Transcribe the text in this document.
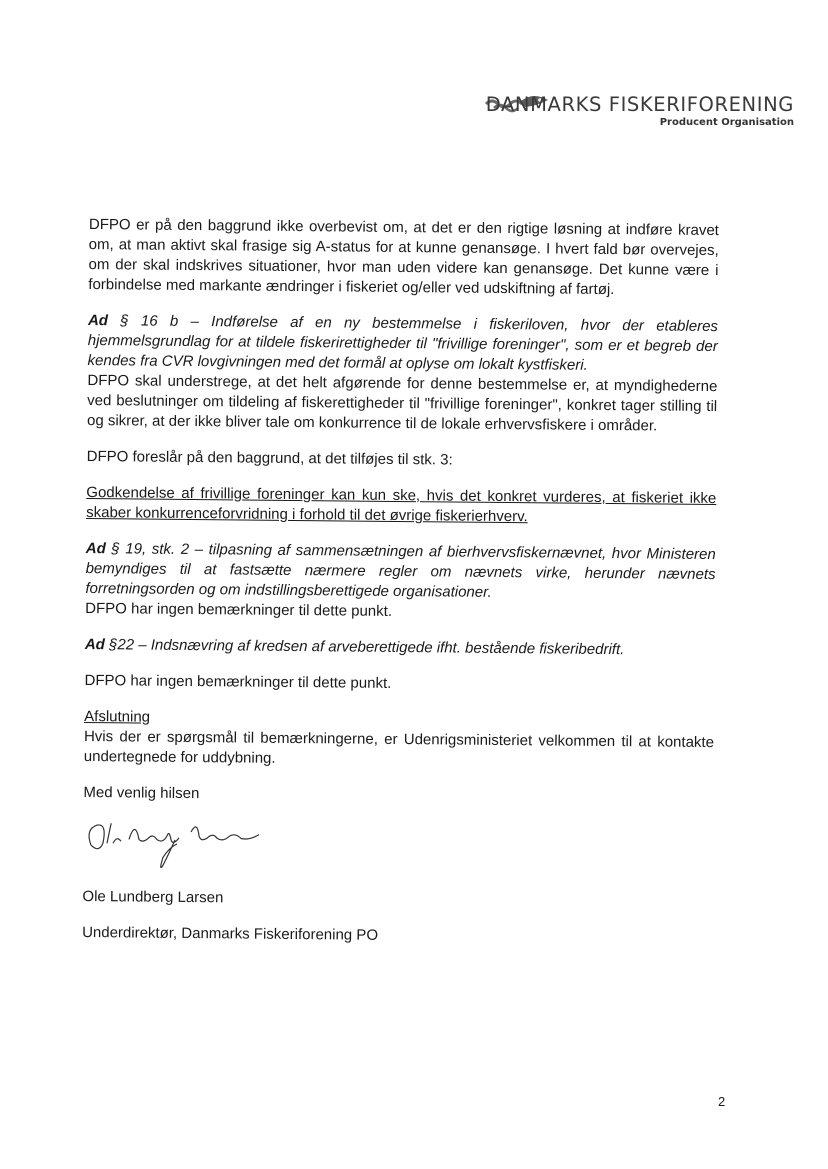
DANMARKS FISKERIFORENING
Producent Organisation

DFPO er på den baggrund ikke overbevist om, at det er den rigtige løsning at indføre kravet om, at man aktivt skal frasige sig A-status for at kunne genansøge. I hvert fald bør overvejes, om der skal indskrives situationer, hvor man uden videre kan genansøge. Det kunne være i forbindelse med markante ændringer i fiskeriet og/eller ved udskiftning af fartøj.

Ad § 16 b – Indførelse af en ny bestemmelse i fiskeriloven, hvor der etableres hjemmelsgrundlag for at tildele fiskerirettigheder til "frivillige foreninger", som er et begreb der kendes fra CVR lovgivningen med det formål at oplyse om lokalt kystfiskeri.

DFPO skal understrege, at det helt afgørende for denne bestemmelse er, at myndighederne ved beslutninger om tildeling af fiskerettigheder til "frivillige foreninger", konkret tager stilling til og sikrer, at der ikke bliver tale om konkurrence til de lokale erhvervsfiskere i områder.

DFPO foreslår på den baggrund, at det tilføjes til stk. 3:

Godkendelse af frivillige foreninger kan kun ske, hvis det konkret vurderes, at fiskeriet ikke skaber konkurrenceforvridning i forhold til det øvrige fiskerierhverv.

Ad § 19, stk. 2 – tilpasning af sammensætningen af bierhvervsfiskernævnet, hvor Ministeren bemyndiges til at fastsætte nærmere regler om nævnets virke, herunder nævnets forretningsorden og om indstillingsberettigede organisationer.

DFPO har ingen bemærkninger til dette punkt.

Ad §22 – Indsnævring af kredsen af arveberettigede ifht. bestående fiskeribedrift.

DFPO har ingen bemærkninger til dette punkt.

Afslutning

Hvis der er spørgsmål til bemærkningerne, er Udenrigsministeriet velkommen til at kontakte undertegnede for uddybning.

Med venlig hilsen

Ole Lundberg Larsen

Underdirektør, Danmarks Fiskeriforening PO

2
